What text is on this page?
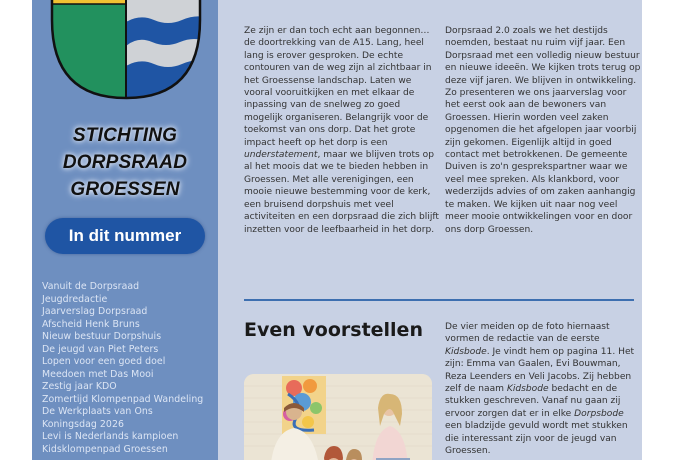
STICHTING
DORPSRAAD
GROESSEN
In dit nummer
Vanuit de Dorpsraad
Jeugdredactie
Jaarverslag Dorpsraad
Afscheid Henk Bruns
Nieuw bestuur Dorpshuis
De jeugd van Piet Peters
Lopen voor een goed doel
Meedoen met Das Mooi
Zestig jaar KDO
Zomertijd Klompenpad Wandeling
De Werkplaats van Ons
Koningsdag 2026
Levi is Nederlands kampioen
Kidsklompenpad Groessen

Ze zijn er dan toch echt aan begonnen… de doortrekking van de A15. Lang, heel lang is erover gesproken. De echte contouren van de weg zijn al zichtbaar in het Groessense landschap. Laten we vooral vooruitkijken en met elkaar de inpassing van de snelweg zo goed mogelijk organiseren. Belangrijk voor de toekomst van ons dorp. Dat het grote impact heeft op het dorp is een understatement, maar we blijven trots op al het moois dat we te bieden hebben in Groessen. Met alle verenigingen, een mooie nieuwe bestemming voor de kerk, een bruisend dorpshuis met veel activiteiten en een dorpsraad die zich blijft inzetten voor de leefbaarheid in het dorp.

Dorpsraad 2.0 zoals we het destijds noemden, bestaat nu ruim vijf jaar. Een Dorpsraad met een volledig nieuw bestuur en nieuwe ideeën. We kijken trots terug op deze vijf jaren. We blijven in ontwikkeling. Zo presenteren we ons jaarverslag voor het eerst ook aan de bewoners van Groessen. Hierin worden veel zaken opgenomen die het afgelopen jaar voorbij zijn gekomen. Eigenlijk altijd in goed contact met betrokkenen. De gemeente Duiven is zo'n gesprekspartner waar we veel mee spreken. Als klankbord, voor wederzijds advies of om zaken aanhangig te maken. We kijken uit naar nog veel meer mooie ontwikkelingen voor en door ons dorp Groessen.

Even voorstellen De vier meiden op de foto hiernaast vormen de redactie van de eerste Kidsbode. Je vindt hem op pagina 11. Het zijn: Emma van Gaalen, Evi Bouwman, Reza Leenders en Veli Jacobs. Zij hebben zelf de naam Kidsbode bedacht en de stukken geschreven. Vanaf nu gaan zij ervoor zorgen dat er in elke Dorpsbode een bladzijde gevuld wordt met stukken die interessant zijn voor de jeugd van Groessen.
